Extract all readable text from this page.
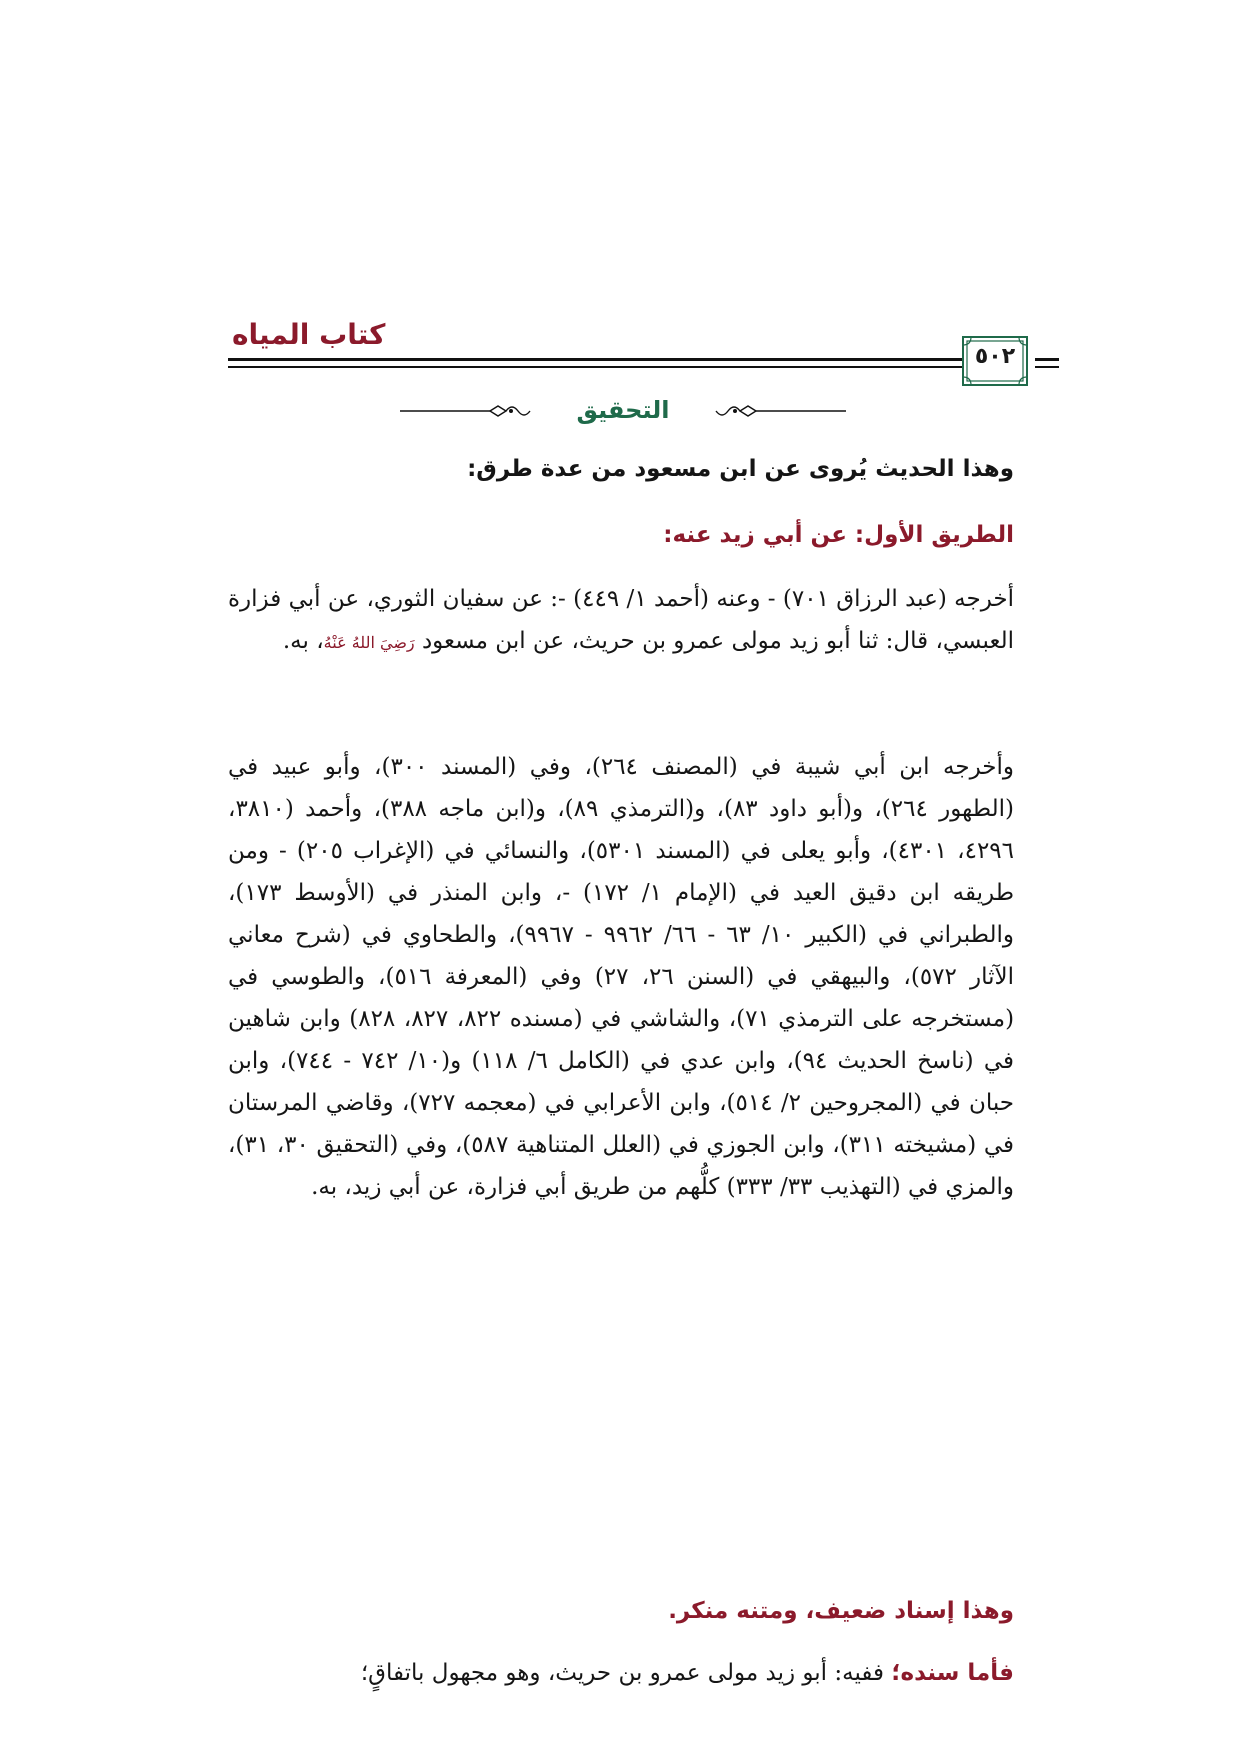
كتاب المياه
٥٠٢
التحقيق
وهذا الحديث يُروى عن ابن مسعود من عدة طرق:
الطريق الأول: عن أبي زيد عنه:
أخرجه (عبد الرزاق ٧٠١) - وعنه (أحمد ١/ ٤٤٩) -: عن سفيان الثوري، عن أبي فزارة العبسي، قال: ثنا أبو زيد مولى عمرو بن حريث، عن ابن مسعود رَضِيَ اللهُ عَنْهُ، به.
وأخرجه ابن أبي شيبة في (المصنف ٢٦٤)، وفي (المسند ٣٠٠)، وأبو عبيد في (الطهور ٢٦٤)، و(أبو داود ٨٣)، و(الترمذي ٨٩)، و(ابن ماجه ٣٨٨)، وأحمد (٣٨١٠، ٤٢٩٦، ٤٣٠١)، وأبو يعلى في (المسند ٥٣٠١)، والنسائي في (الإغراب ٢٠٥) - ومن طريقه ابن دقيق العيد في (الإمام ١/ ١٧٢) -، وابن المنذر في (الأوسط ١٧٣)، والطبراني في (الكبير ١٠/ ٦٣ - ٦٦/ ٩٩٦٢ - ٩٩٦٧)، والطحاوي في (شرح معاني الآثار ٥٧٢)، والبيهقي في (السنن ٢٦، ٢٧) وفي (المعرفة ٥١٦)، والطوسي في (مستخرجه على الترمذي ٧١)، والشاشي في (مسنده ٨٢٢، ٨٢٧، ٨٢٨) وابن شاهين في (ناسخ الحديث ٩٤)، وابن عدي في (الكامل ٦/ ١١٨) و(١٠/ ٧٤٢ - ٧٤٤)، وابن حبان في (المجروحين ٢/ ٥١٤)، وابن الأعرابي في (معجمه ٧٢٧)، وقاضي المرستان في (مشيخته ٣١١)، وابن الجوزي في (العلل المتناهية ٥٨٧)، وفي (التحقيق ٣٠، ٣١)، والمزي في (التهذيب ٣٣/ ٣٣٣) كلُّهم من طريق أبي فزارة، عن أبي زيد، به.
وهذا إسناد ضعيف، ومتنه منكر.
فأما سنده؛ ففيه: أبو زيد مولى عمرو بن حريث، وهو مجهول باتفاقٍ؛
